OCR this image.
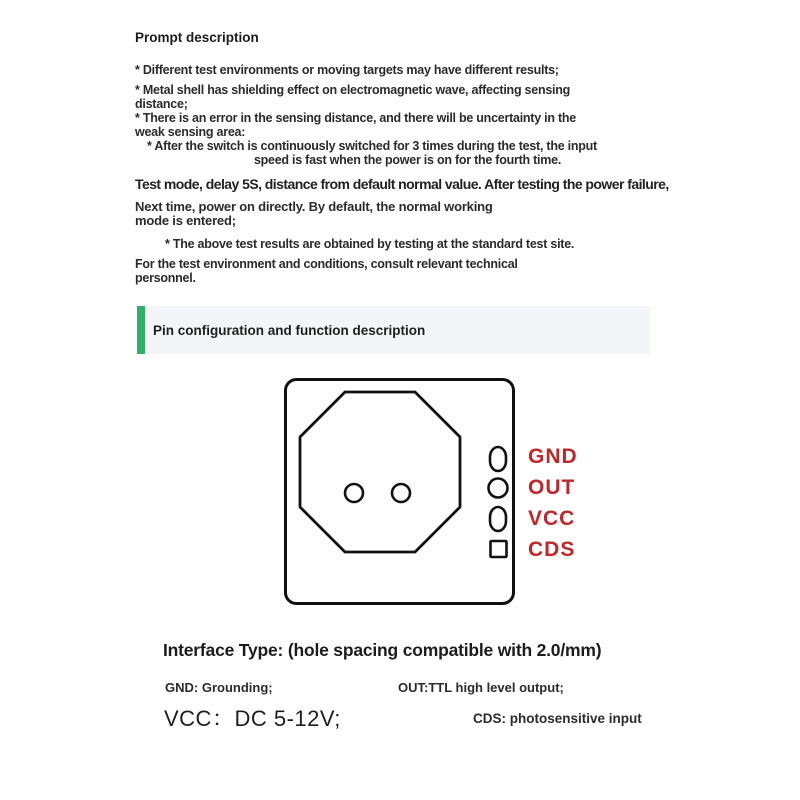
Prompt description
* Different test environments or moving targets may have different results;
* Metal shell has shielding effect on electromagnetic wave, affecting sensing
distance;
* There is an error in the sensing distance, and there will be uncertainty in the
weak sensing area:
* After the switch is continuously switched for 3 times during the test, the input
speed is fast when the power is on for the fourth time.
Test mode, delay 5S, distance from default normal value. After testing the power failure,
Next time, power on directly. By default, the normal working
mode is entered;
* The above test results are obtained by testing at the standard test site.
For the test environment and conditions, consult relevant technical
personnel.
Pin configuration and function description
GND
OUT
VCC
CDS
Interface Type: (hole spacing compatible with 2.0/mm)
GND: Grounding;	OUT:TTL high level output;
VCC：DC 5-12V;	CDS: photosensitive input
